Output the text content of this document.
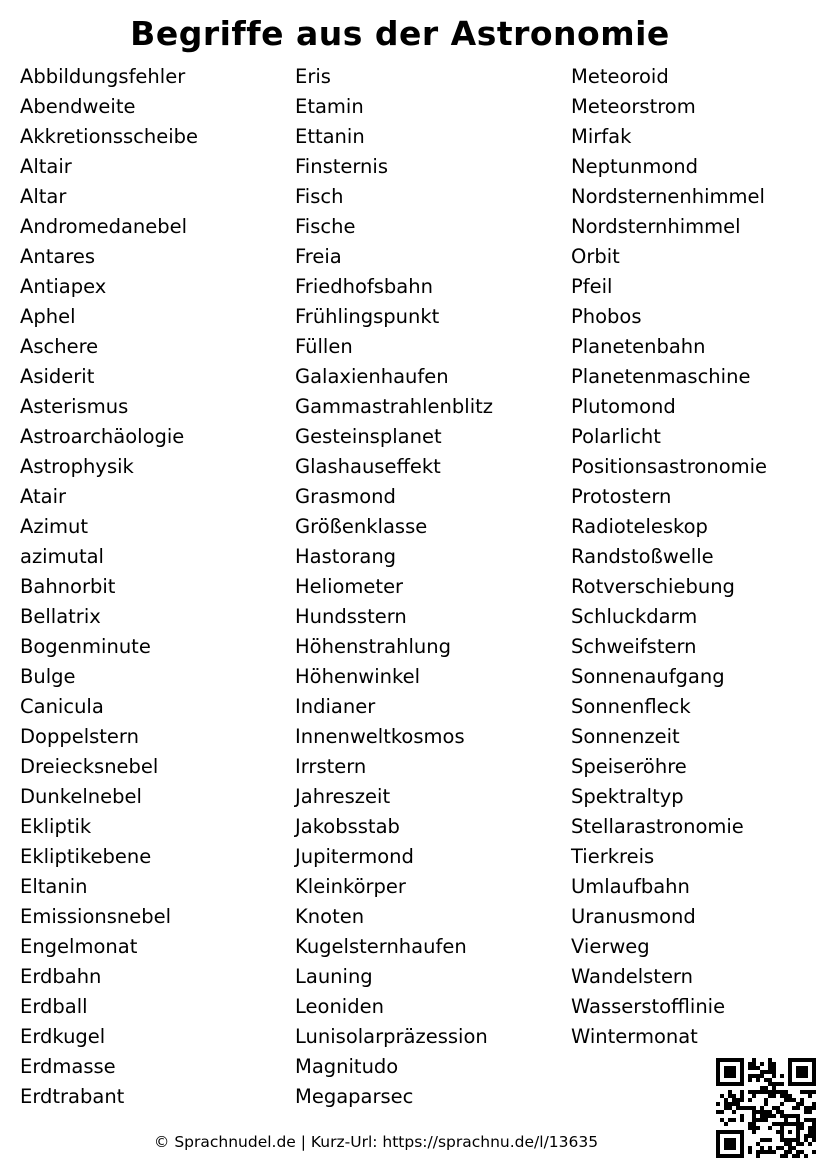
Begriffe aus der Astronomie
Abbildungsfehler
Abendweite
Akkretionsscheibe
Altair
Altar
Andromedanebel
Antares
Antiapex
Aphel
Aschere
Asiderit
Asterismus
Astroarchäologie
Astrophysik
Atair
Azimut
azimutal
Bahnorbit
Bellatrix
Bogenminute
Bulge
Canicula
Doppelstern
Dreiecksnebel
Dunkelnebel
Ekliptik
Ekliptikebene
Eltanin
Emissionsnebel
Engelmonat
Erdbahn
Erdball
Erdkugel
Erdmasse
Erdtrabant
Eris
Etamin
Ettanin
Finsternis
Fisch
Fische
Freia
Friedhofsbahn
Frühlingspunkt
Füllen
Galaxienhaufen
Gammastrahlenblitz
Gesteinsplanet
Glashauseffekt
Grasmond
Größenklasse
Hastorang
Heliometer
Hundsstern
Höhenstrahlung
Höhenwinkel
Indianer
Innenweltkosmos
Irrstern
Jahreszeit
Jakobsstab
Jupitermond
Kleinkörper
Knoten
Kugelsternhaufen
Launing
Leoniden
Lunisolarpräzession
Magnitudo
Megaparsec
Meteoroid
Meteorstrom
Mirfak
Neptunmond
Nordsternenhimmel
Nordsternhimmel
Orbit
Pfeil
Phobos
Planetenbahn
Planetenmaschine
Plutomond
Polarlicht
Positionsastronomie
Protostern
Radioteleskop
Randstoßwelle
Rotverschiebung
Schluckdarm
Schweifstern
Sonnenaufgang
Sonnenfleck
Sonnenzeit
Speiseröhre
Spektraltyp
Stellarastronomie
Tierkreis
Umlaufbahn
Uranusmond
Vierweg
Wandelstern
Wasserstofflinie
Wintermonat
© Sprachnudel.de | Kurz-Url: https://sprachnu.de/l/13635
